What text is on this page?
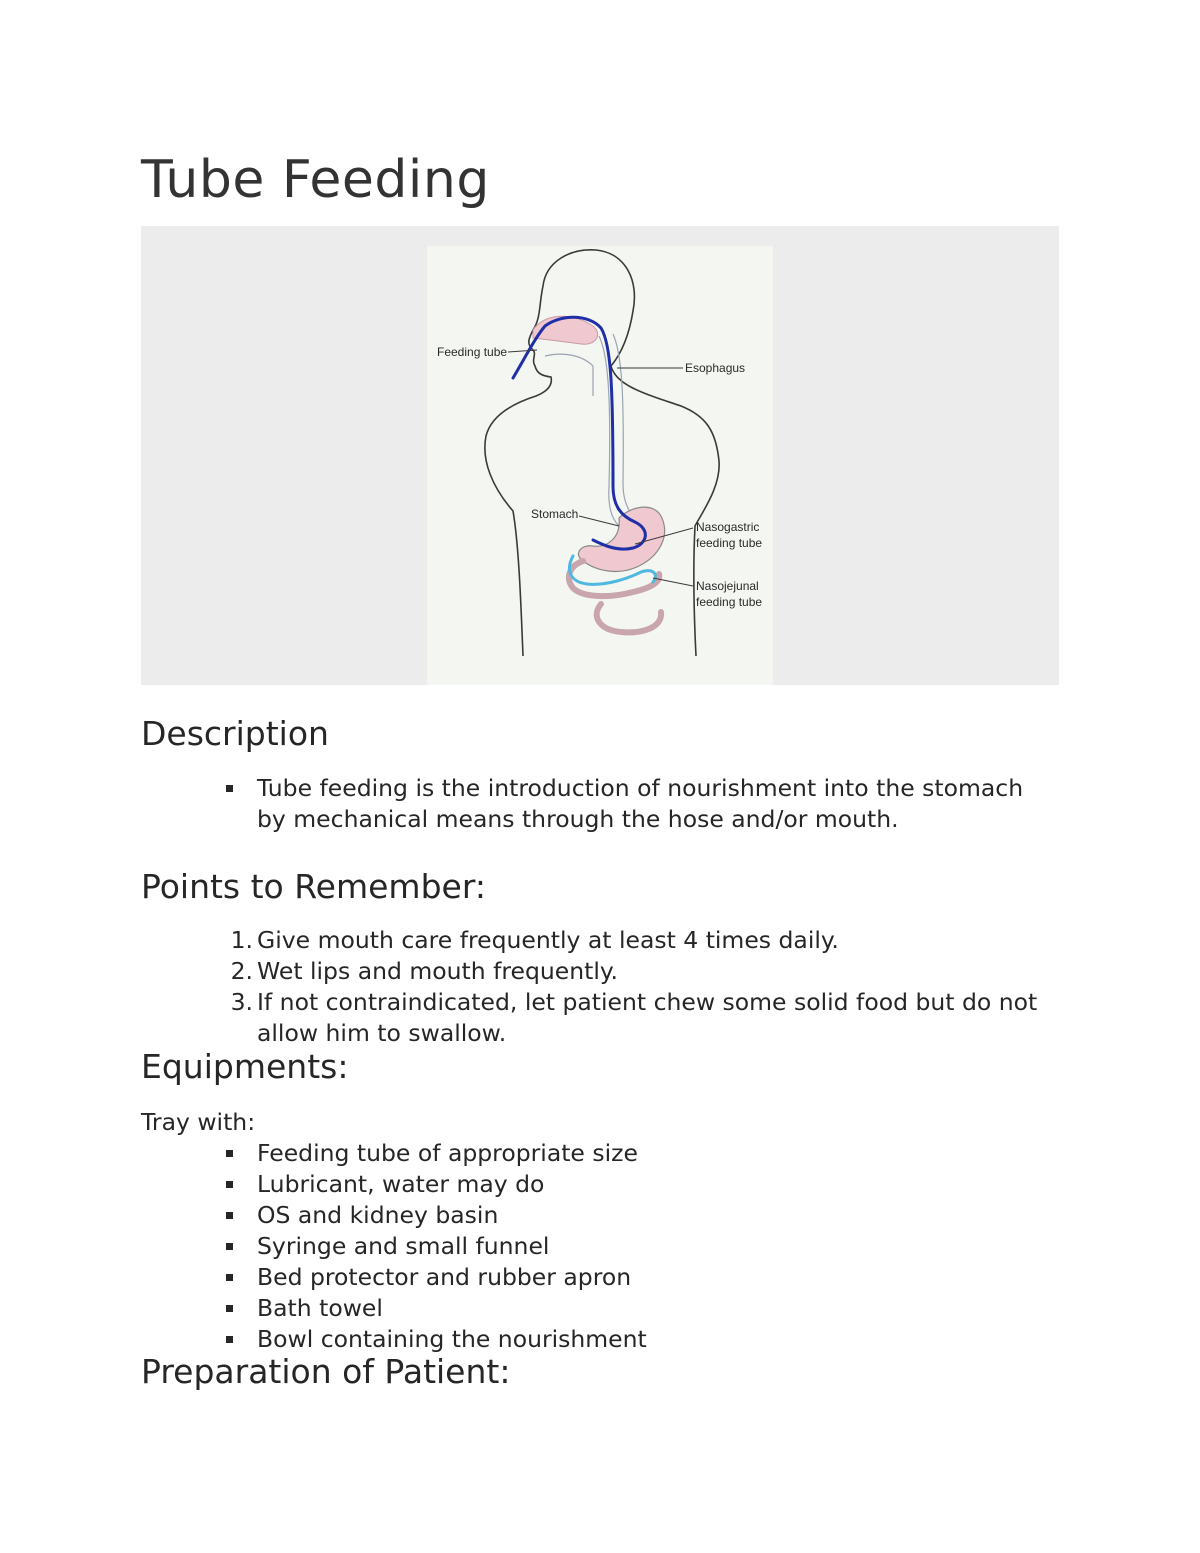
Tube Feeding
Feeding tube
Esophagus
Stomach
Nasogastric
feeding tube
Nasojejunal
feeding tube
Description
Tube feeding is the introduction of nourishment into the stomach by mechanical means through the hose and/or mouth.
Points to Remember:
1. Give mouth care frequently at least 4 times daily.
2. Wet lips and mouth frequently.
3. If not contraindicated, let patient chew some solid food but do not allow him to swallow.
Equipments:

Tray with:

Feeding tube of appropriate size
Lubricant, water may do
OS and kidney basin
Syringe and small funnel
Bed protector and rubber apron
Bath towel
Bowl containing the nourishment
Preparation of Patient:
